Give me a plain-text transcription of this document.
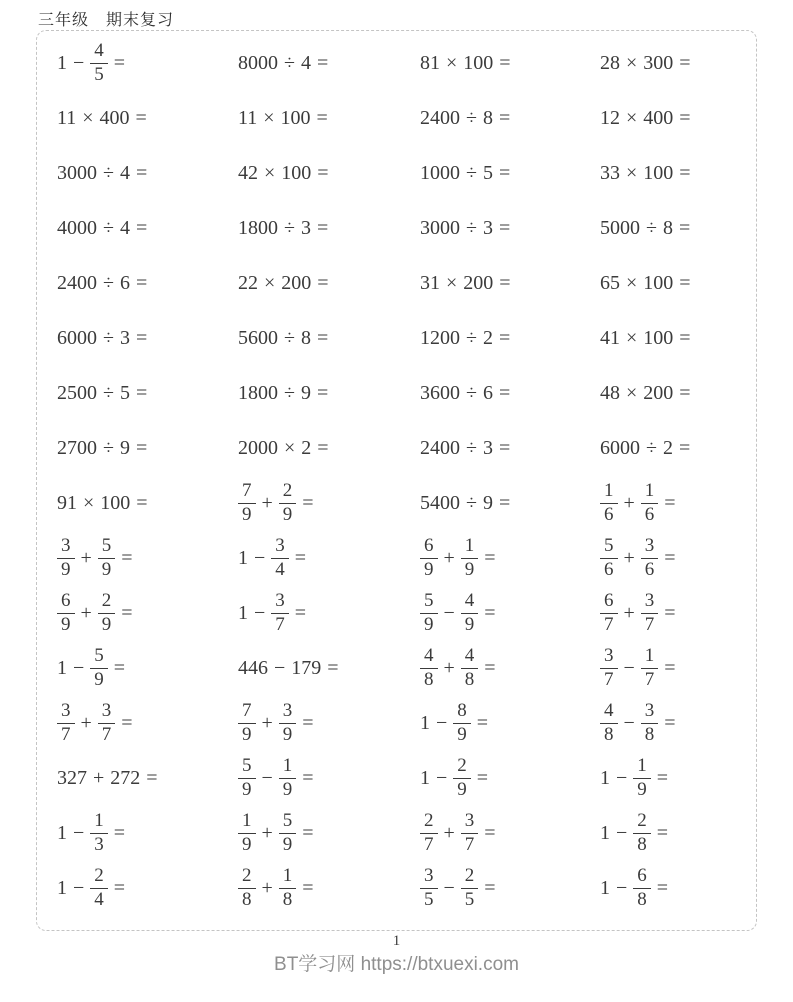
三年级　期末复习
$1 - \frac{4}{5}$ =	8000 ÷ 4 =	81 × 100 =	28 × 300 =
11 × 400 =	11 × 100 =	2400 ÷ 8 =	12 × 400 =
3000 ÷ 4 =	42 × 100 =	1000 ÷ 5 =	33 × 100 =
4000 ÷ 4 =	1800 ÷ 3 =	3000 ÷ 3 =	5000 ÷ 8 =
2400 ÷ 6 =	22 × 200 =	31 × 200 =	65 × 100 =
6000 ÷ 3 =	5600 ÷ 8 =	1200 ÷ 2 =	41 × 100 =
2500 ÷ 5 =	1800 ÷ 9 =	3600 ÷ 6 =	48 × 200 =
2700 ÷ 9 =	2000 × 2 =	2400 ÷ 3 =	6000 ÷ 2 =
91 × 100 =	$\frac{7}{9} + \frac{2}{9}$ =	5400 ÷ 9 =	$\frac{1}{6} + \frac{1}{6}$ =
$\frac{3}{9} + \frac{5}{9}$ =	$1 - \frac{3}{4}$ =	$\frac{6}{9} + \frac{1}{9}$ =	$\frac{5}{6} + \frac{3}{6}$ =
$\frac{6}{9} + \frac{2}{9}$ =	$1 - \frac{3}{7}$ =	$\frac{5}{9} - \frac{4}{9}$ =	$\frac{6}{7} + \frac{3}{7}$ =
$1 - \frac{5}{9}$ =	446 − 179 =	$\frac{4}{8} + \frac{4}{8}$ =	$\frac{3}{7} - \frac{1}{7}$ =
$\frac{3}{7} + \frac{3}{7}$ =	$\frac{7}{9} + \frac{3}{9}$ =	$1 - \frac{8}{9}$ =	$\frac{4}{8} - \frac{3}{8}$ =
327 + 272 =	$\frac{5}{9} - \frac{1}{9}$ =	$1 - \frac{2}{9}$ =	$1 - \frac{1}{9}$ =
$1 - \frac{1}{3}$ =	$\frac{1}{9} + \frac{5}{9}$ =	$\frac{2}{7} + \frac{3}{7}$ =	$1 - \frac{2}{8}$ =
$1 - \frac{2}{4}$ =	$\frac{2}{8} + \frac{1}{8}$ =	$\frac{3}{5} - \frac{2}{5}$ =	$1 - \frac{6}{8}$ =
1
BT学习网 https://btxuexi.com
